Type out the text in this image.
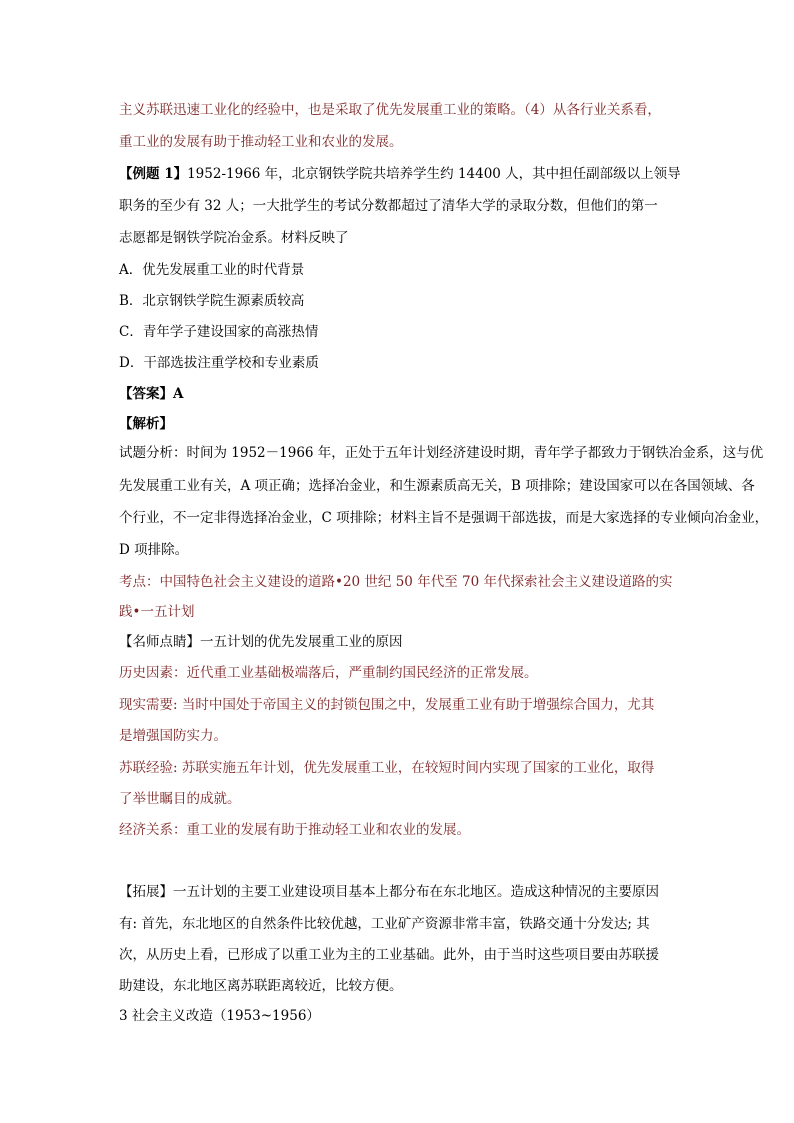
主义苏联迅速工业化的经验中，也是采取了优先发展重工业的策略。（4）从各行业关系看，
重工业的发展有助于推动轻工业和农业的发展。
【例题 1】1952-1966 年，北京钢铁学院共培养学生约 14400 人，其中担任副部级以上领导
职务的至少有 32 人；一大批学生的考试分数都超过了清华大学的录取分数，但他们的第一
志愿都是钢铁学院冶金系。材料反映了
A．优先发展重工业的时代背景
B．北京钢铁学院生源素质较高
C．青年学子建设国家的高涨热情
D．干部选拔注重学校和专业素质
【答案】A
【解析】
试题分析：时间为 1952－1966 年，正处于五年计划经济建设时期，青年学子都致力于钢铁冶金系，这与优
先发展重工业有关，A 项正确；选择冶金业，和生源素质高无关，B 项排除；建设国家可以在各国领域、各
个行业，不一定非得选择冶金业，C 项排除；材料主旨不是强调干部选拔，而是大家选择的专业倾向冶金业，
D 项排除。
考点：中国特色社会主义建设的道路•20 世纪 50 年代至 70 年代探索社会主义建设道路的实
践•一五计划
【名师点睛】一五计划的优先发展重工业的原因
历史因素：近代重工业基础极端落后，严重制约国民经济的正常发展。
现实需要: 当时中国处于帝国主义的封锁包围之中，发展重工业有助于增强综合国力，尤其
是增强国防实力。
苏联经验: 苏联实施五年计划，优先发展重工业，在较短时间内实现了国家的工业化，取得
了举世瞩目的成就。
经济关系：重工业的发展有助于推动轻工业和农业的发展。
【拓展】一五计划的主要工业建设项目基本上都分布在东北地区。造成这种情况的主要原因
有: 首先，东北地区的自然条件比较优越，工业矿产资源非常丰富，铁路交通十分发达; 其
次，从历史上看，已形成了以重工业为主的工业基础。此外，由于当时这些项目要由苏联援
助建设，东北地区离苏联距离较近，比较方便。
3 社会主义改造（1953~1956）
